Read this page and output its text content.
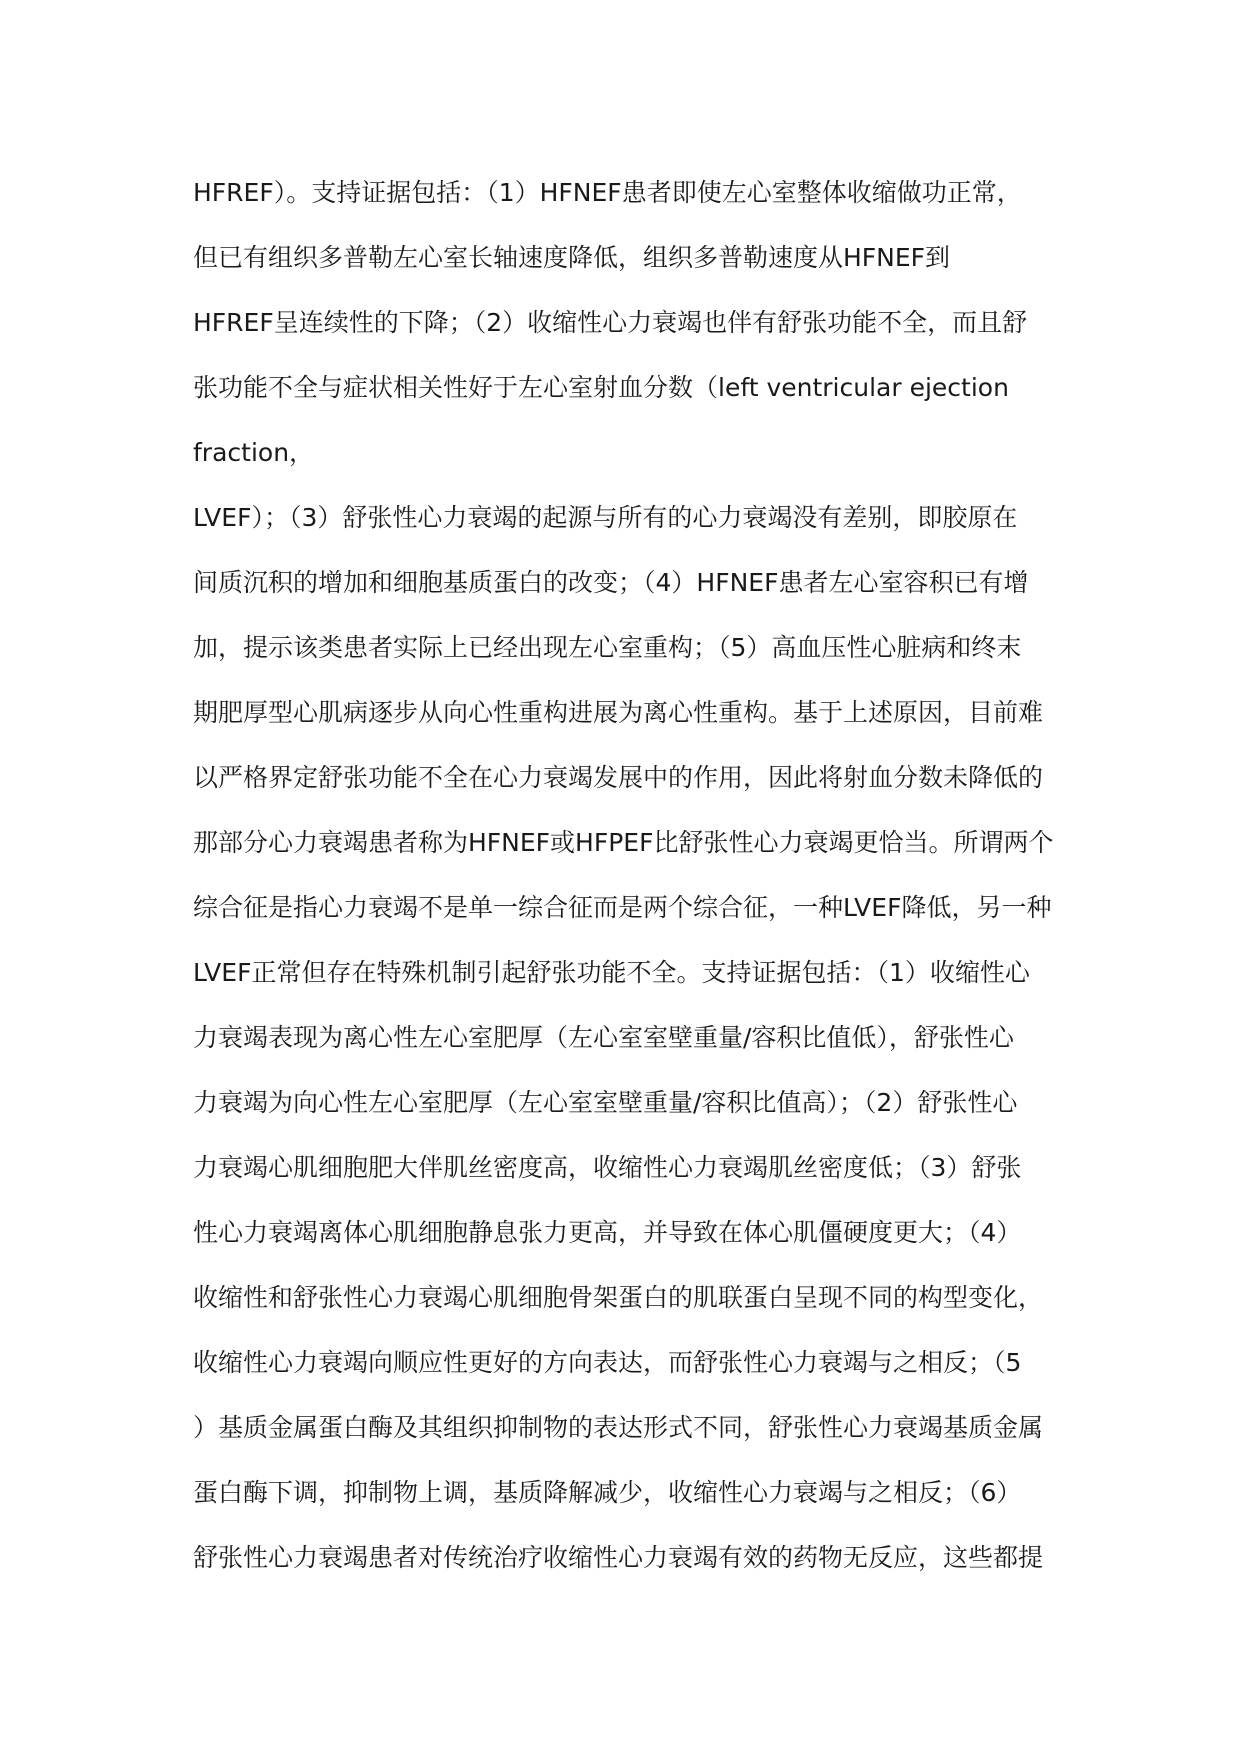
HFREF）。支持证据包括：（1）HFNEF患者即使左心室整体收缩做功正常，
但已有组织多普勒左心室长轴速度降低，组织多普勒速度从HFNEF到
HFREF呈连续性的下降；（2）收缩性心力衰竭也伴有舒张功能不全，而且舒
张功能不全与症状相关性好于左心室射血分数（left ventricular ejection
fraction，
LVEF）；（3）舒张性心力衰竭的起源与所有的心力衰竭没有差别，即胶原在
间质沉积的增加和细胞基质蛋白的改变；（4）HFNEF患者左心室容积已有增
加，提示该类患者实际上已经出现左心室重构；（5）高血压性心脏病和终末
期肥厚型心肌病逐步从向心性重构进展为离心性重构。基于上述原因，目前难
以严格界定舒张功能不全在心力衰竭发展中的作用，因此将射血分数未降低的
那部分心力衰竭患者称为HFNEF或HFPEF比舒张性心力衰竭更恰当。所谓两个
综合征是指心力衰竭不是单一综合征而是两个综合征，一种LVEF降低，另一种
LVEF正常但存在特殊机制引起舒张功能不全。支持证据包括：（1）收缩性心
力衰竭表现为离心性左心室肥厚（左心室室壁重量/容积比值低），舒张性心
力衰竭为向心性左心室肥厚（左心室室壁重量/容积比值高）；（2）舒张性心
力衰竭心肌细胞肥大伴肌丝密度高，收缩性心力衰竭肌丝密度低；（3）舒张
性心力衰竭离体心肌细胞静息张力更高，并导致在体心肌僵硬度更大；（4）
收缩性和舒张性心力衰竭心肌细胞骨架蛋白的肌联蛋白呈现不同的构型变化，
收缩性心力衰竭向顺应性更好的方向表达，而舒张性心力衰竭与之相反；（5
）基质金属蛋白酶及其组织抑制物的表达形式不同，舒张性心力衰竭基质金属
蛋白酶下调，抑制物上调，基质降解减少，收缩性心力衰竭与之相反；（6）
舒张性心力衰竭患者对传统治疗收缩性心力衰竭有效的药物无反应，这些都提
